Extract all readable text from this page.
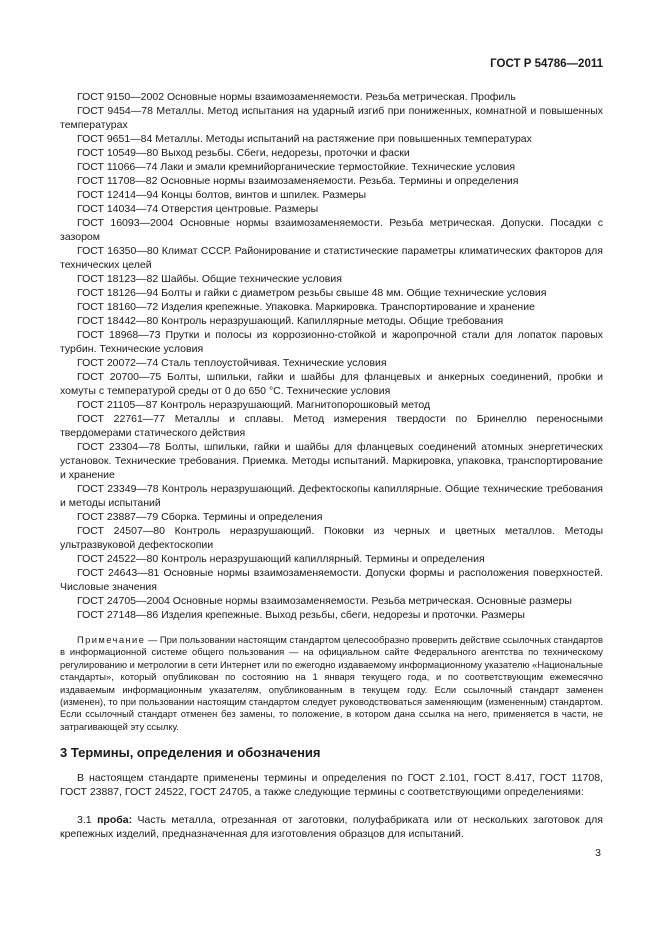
ГОСТ Р 54786—2011

ГОСТ 9150—2002 Основные нормы взаимозаменяемости. Резьба метрическая. Профиль

ГОСТ 9454—78 Металлы. Метод испытания на ударный изгиб при пониженных, комнатной и повышенных температурах

ГОСТ 9651—84 Металлы. Методы испытаний на растяжение при повышенных температурах

ГОСТ 10549—80 Выход резьбы. Сбеги, недорезы, проточки и фаски

ГОСТ 11066—74 Лаки и эмали кремнийорганические термостойкие. Технические условия

ГОСТ 11708—82 Основные нормы взаимозаменяемости. Резьба. Термины и определения

ГОСТ 12414—94 Концы болтов, винтов и шпилек. Размеры

ГОСТ 14034—74 Отверстия центровые. Размеры

ГОСТ 16093—2004 Основные нормы взаимозаменяемости. Резьба метрическая. Допуски. Посадки с зазором

ГОСТ 16350—80 Климат СССР. Районирование и статистические параметры климатических факторов для технических целей

ГОСТ 18123—82 Шайбы. Общие технические условия

ГОСТ 18126—94 Болты и гайки с диаметром резьбы свыше 48 мм. Общие технические условия

ГОСТ 18160—72 Изделия крепежные. Упаковка. Маркировка. Транспортирование и хранение

ГОСТ 18442—80 Контроль неразрушающий. Капиллярные методы. Общие требования

ГОСТ 18968—73 Прутки и полосы из коррозионно-стойкой и жаропрочной стали для лопаток паровых турбин. Технические условия

ГОСТ 20072—74 Сталь теплоустойчивая. Технические условия

ГОСТ 20700—75 Болты, шпильки, гайки и шайбы для фланцевых и анкерных соединений, пробки и хомуты с температурой среды от 0 до 650 °С. Технические условия

ГОСТ 21105—87 Контроль неразрушающий. Магнитопорошковый метод

ГОСТ 22761—77 Металлы и сплавы. Метод измерения твердости по Бринеллю переносными твердомерами статического действия

ГОСТ 23304—78 Болты, шпильки, гайки и шайбы для фланцевых соединений атомных энергетических установок. Технические требования. Приемка. Методы испытаний. Маркировка, упаковка, транспортирование и хранение

ГОСТ 23349—78 Контроль неразрушающий. Дефектоскопы капиллярные. Общие технические требования и методы испытаний

ГОСТ 23887—79 Сборка. Термины и определения

ГОСТ 24507—80 Контроль неразрушающий. Поковки из черных и цветных металлов. Методы ультразвуковой дефектоскопии

ГОСТ 24522—80 Контроль неразрушающий капиллярный. Термины и определения

ГОСТ 24643—81 Основные нормы взаимозаменяемости. Допуски формы и расположения поверхностей. Числовые значения

ГОСТ 24705—2004 Основные нормы взаимозаменяемости. Резьба метрическая. Основные размеры

ГОСТ 27148—86 Изделия крепежные. Выход резьбы, сбеги, недорезы и проточки. Размеры

Примечание — При пользовании настоящим стандартом целесообразно проверить действие ссылочных стандартов в информационной системе общего пользования — на официальном сайте Федерального агентства по техническому регулированию и метрологии в сети Интернет или по ежегодно издаваемому информационному указателю «Национальные стандарты», который опубликован по состоянию на 1 января текущего года, и по соответствующим ежемесячно издаваемым информационным указателям, опубликованным в текущем году. Если ссылочный стандарт заменен (изменен), то при пользовании настоящим стандартом следует руководствоваться заменяющим (измененным) стандартом. Если ссылочный стандарт отменен без замены, то положение, в котором дана ссылка на него, применяется в части, не затрагивающей эту ссылку.

3 Термины, определения и обозначения

В настоящем стандарте применены термины и определения по ГОСТ 2.101, ГОСТ 8.417, ГОСТ 11708, ГОСТ 23887, ГОСТ 24522, ГОСТ 24705, а также следующие термины с соответствующими определениями:

3.1 проба: Часть металла, отрезанная от заготовки, полуфабриката или от нескольких заготовок для крепежных изделий, предназначенная для изготовления образцов для испытаний.

3
